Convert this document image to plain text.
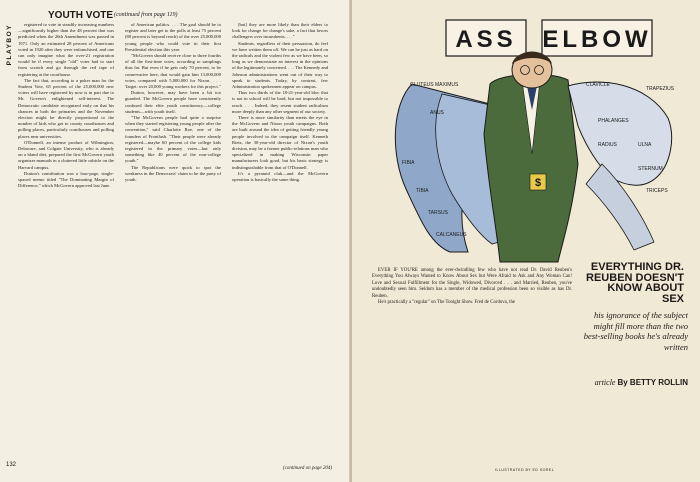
PLAYBOY
YOUTH VOTE (continued from page 119)

registered to vote in steadily increasing numbers—significantly higher than the 48 percent that was predicted when the 26th Amendment was passed in 1971. Only an estimated 28 percent of Americans voted in 1920 after they were enfranchised, and one can only imagine what the over-21 registration would be if every single "old" voter had to start from scratch and go through the red tape of registering at the courthouse.

The fact that, according to a poker man for the Student Vote, 65 percent of the 25,000,000 new voters will have registered by now is in part due to Mr. Govern's enlightened self-interest. The Democratic candidate recognized early on that his chances in both the primaries and the November election might be directly proportional to the number of kids who got to county courthouses and polling places, particularly courthouses and polling places near universities.

O'Donnell, an intense product of Wilmington, Delaware, and Colgate University, who is already on a bland diet, prepared the first McGovern youth organizer manuals in a cluttered little cubicle on the Harvard campus.

Dutton's contribution was a four-page, single-spaced memo titled "The Dominating Margin of Difference," which McGovern approved last June.

of American politics. . . . The goal should be to register and later get to the polls at least 75 percent (80 percent is beyond reach) of the over 25,000,000 young people who could vote in their first Presidential election this year.

"McGovern should receive close to three fourths of all the first-time votes, according to samplings thus far. But even if he gets only 70 percent, to be conservative here, that would gain him 13,000,000 votes, compared with 5,000,000 for Nixon. . . . Target: over 20,000 young workers for this project."

Dutton, however, may have been a bit too guarded. The McGovern people have consistently confused their elite youth constituency—college students—with youth itself.

"The McGovern people had quite a surprise when they started registering young people after the convention," said Charlotte Roe, one of the founders of Frontlash. "Their people were already registered—maybe 60 percent of the college kids registered in the primary votes—but only something like 40 percent of the non-college youth."

The Republicans were quick to spot the weakness in the Democrats' claim to be the party of youth.

[but] they are more likely than their elders to look for change for change's sake, a fact that favors challengers over incumbents. . . ."

Students, regardless of their persuasion, do feel we have written them off. We can be just as hard on the radicals and the violent few as we have been, so long as we demonstrate an interest in the opinions of the legitimately concerned. . . . The Kennedy and Johnson administrations went out of their way to speak to students. Today, by contrast, few Administration spokesmen appear on campus.

Thus two thirds of the 18-21-year-old bloc that is not in school will be hard, but not impossible to reach. . . . Indeed, they resent student radicalism more deeply than any other segment of our society.

There is more similarity than meets the eye in the McGovern and Nixon youth campaigns. Both are built around the idea of getting friendly young people involved in the campaign itself. Kenneth Rietz, the 30-year-old director of Nixon's youth division, may be a former public-relations man who specialized in making Wisconsin paper manufacturers look good, but his basic strategy is indistinguishable from that of O'Donnell.

It's a pyramid club—and the McGovern operation is basically the same thing.

(continued on page 204)
132
ASS ELBOW
$
GLUTEUS MAXIMUS
ANUS
FIBIA
TIBIA
TARSUS
CALCANEUS
CLAVICLE
TRAPEZIUS
PHALANGES
RADIUS	ULNA
STERNUM
TRICEPS

EVER IF YOU'RE among the ever-dwindling few who have not read Dr. David Reuben's Everything You Always Wanted to Know About Sex but Were Afraid to Ask and Any Woman Can! Love and Sexual Fulfillment for the Single, Widowed, Divorced . . . and Married, Reuben, you've undoubtedly seen him. Seldom has a member of the medical profession been so visible as has Dr. Reuben.

He's practically a "regular" on The Tonight Show. Fred de Cordova, the

EVERYTHING DR. REUBEN DOESN'T KNOW ABOUT SEX
his ignorance of the subject might fill more than the two best-selling books he's already written
article By BETTY ROLLIN
ILLUSTRATED BY ED SOREL
